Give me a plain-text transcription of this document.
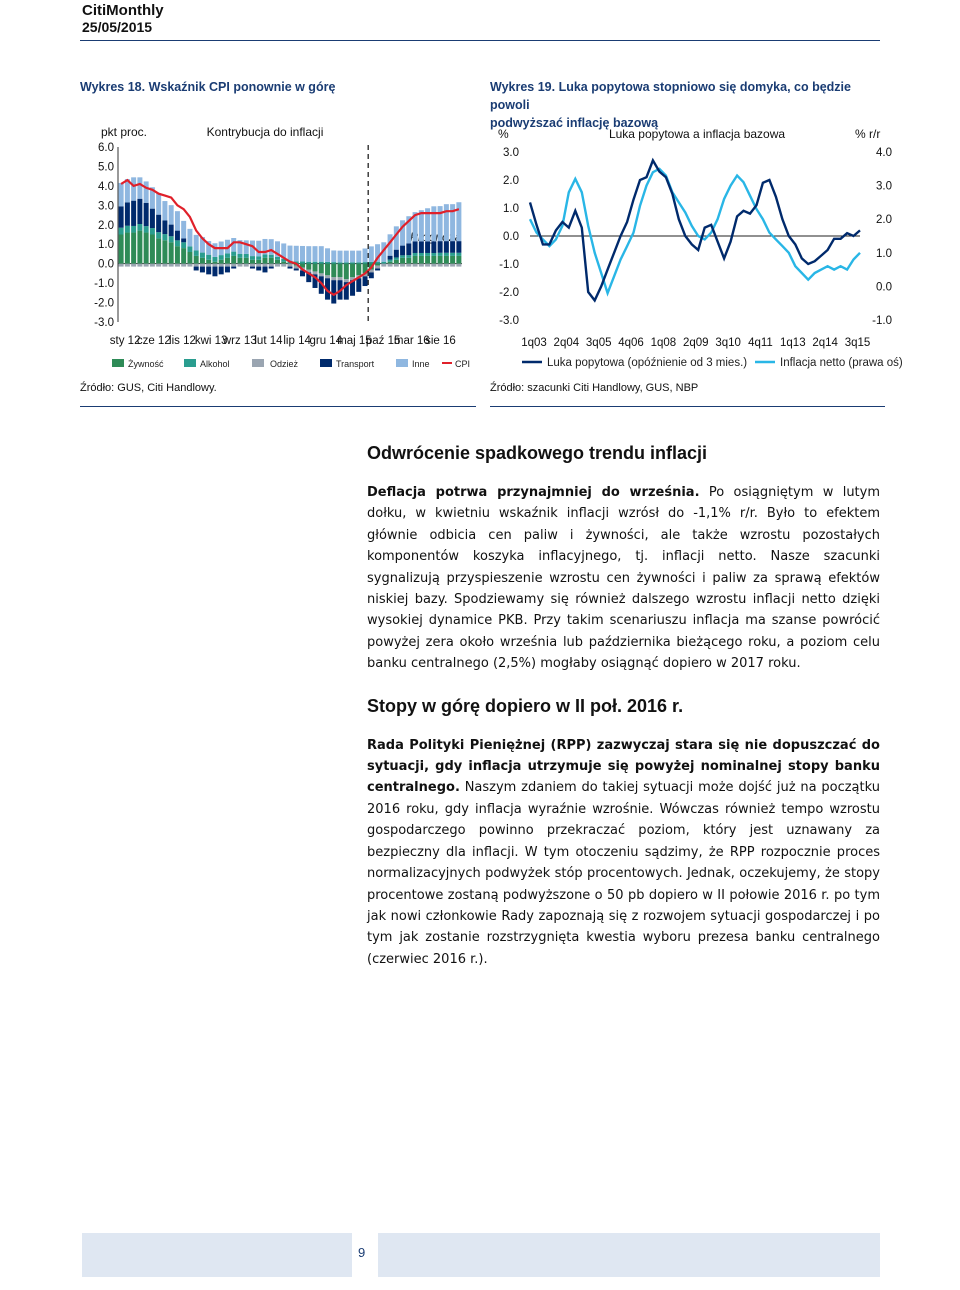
CitiMonthly
25/05/2015
Wykres 18. Wskaźnik CPI ponownie w górę
pkt proc.	Kontrybucja do inflacji
6.0
5.0
4.0
3.0
2.0
1.0
0.0
-1.0
-2.0
-3.0
sty 12
cze 12
lis 12
kwi 13
wrz 13
lut 14 lip 14
gru 14
maj 15
paź 15
mar 16
sie 16
Żywność	Alkohol	Odzież	Transport	Inne	CPI
Źródło: GUS, Citi Handlowy.
Wykres 19. Luka popytowa stopniowo się domyka, co będzie powoli
podwyższać inflację bazową
%	Luka popytowa a inflacja bazowa	% r/r
3.0
2.0
1.0
0.0
-1.0
-2.0
-3.0
4.0
3.0
2.0
1.0
0.0
-1.0
1q03 2q04 3q05 4q06 1q08 2q09 3q10 4q11 1q13 2q14 3q15
Luka popytowa (opóźnienie od 3 mies.)	Inflacja netto (prawa oś)
Źródło: szacunki Citi Handlowy, GUS, NBP
Odwrócenie spadkowego trendu inflacji

Deflacja potrwa przynajmniej do września. Po osiągniętym w lutym dołku, w kwietniu wskaźnik inflacji wzrósł do -1,1% r/r. Było to efektem głównie odbicia cen paliw i żywności, ale także wzrostu pozostałych komponentów koszyka inflacyjnego, tj. inflacji netto. Nasze szacunki sygnalizują przyspieszenie wzrostu cen żywności i paliw za sprawą efektów niskiej bazy. Spodziewamy się również dalszego wzrostu inflacji netto dzięki wysokiej dynamice PKB. Przy takim scenariuszu inflacja ma szanse powrócić powyżej zera około września lub października bieżącego roku, a poziom celu banku centralnego (2,5%) mogłaby osiągnąć dopiero w 2017 roku.

Stopy w górę dopiero w II poł. 2016 r.

Rada Polityki Pieniężnej (RPP) zazwyczaj stara się nie dopuszczać do sytuacji, gdy inflacja utrzymuje się powyżej nominalnej stopy banku centralnego. Naszym zdaniem do takiej sytuacji może dojść już na początku 2016 roku, gdy inflacja wyraźnie wzrośnie. Wówczas również tempo wzrostu gospodarczego powinno przekraczać poziom, który jest uznawany za bezpieczny dla inflacji. W tym otoczeniu sądzimy, że RPP rozpocznie proces normalizacyjnych podwyżek stóp procentowych. Jednak, oczekujemy, że stopy procentowe zostaną podwyższone o 50 pb dopiero w II połowie 2016 r. po tym jak nowi członkowie Rady zapoznają się z rozwojem sytuacji gospodarczej i po tym jak zostanie rozstrzygnięta kwestia wyboru prezesa banku centralnego (czerwiec 2016 r.).

9
